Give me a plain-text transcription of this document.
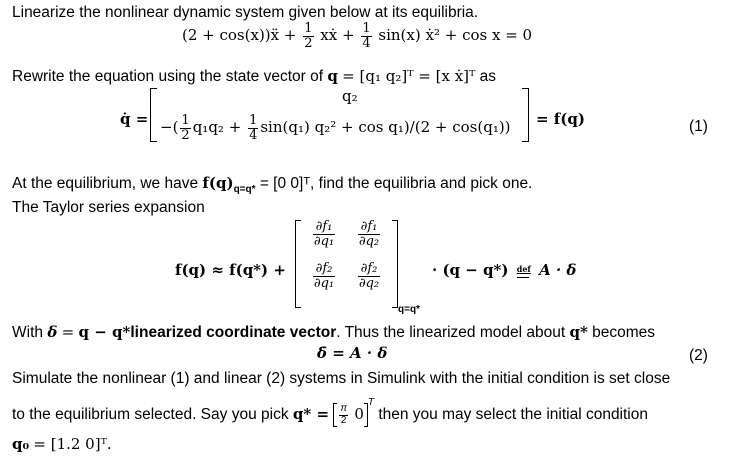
Linearize the nonlinear dynamic system given below at its equilibria.
(2 + cos(x))ẍ + $\frac{1}{2}$ xẋ + $\frac{1}{4} \sin(x)$ ẋ² + cos x = 0
Rewrite the equation using the state vector of q = [q₁ q₂]ᵀ = [x ẋ]ᵀ as
q̇ =
q₂
−( $\frac{1}{2} q_1q_2 + \frac{1}{4} \sin(q_1) q_2^2 + \cos q_1)/(2 + \cos(q_1)) = f(q)$	(1)
At the equilibrium, we have $f(q)_{q=q*} = [0$ 0]ᵀ, find the equilibria and pick one.
The Taylor series expansion
f(q) ≈ f(q*) +
$\frac{\text{∂f₁}}{\text{∂q₁}} \frac{\text{∂f₁}}{\text{∂q₂}}$
$\frac{\text{∂f₂}}{\text{∂q₁}} \frac{\text{∂f₂}}{\text{∂q₂}}$
q=q*
· (q − q*) def A · δ
With δ = q − q*linearized coordinate vector. Thus the linearized model about q* becomes
δ̇ = A · δ	(2)
Simulate the nonlinear (1) and linear (2) systems in Simulink with the initial condition is set close
to the equilibrium selected. Say you pick $q* = \frac{\pi}{2} 0^T$ then you may select the initial condition
q₀ = [1.2 0]ᵀ.
